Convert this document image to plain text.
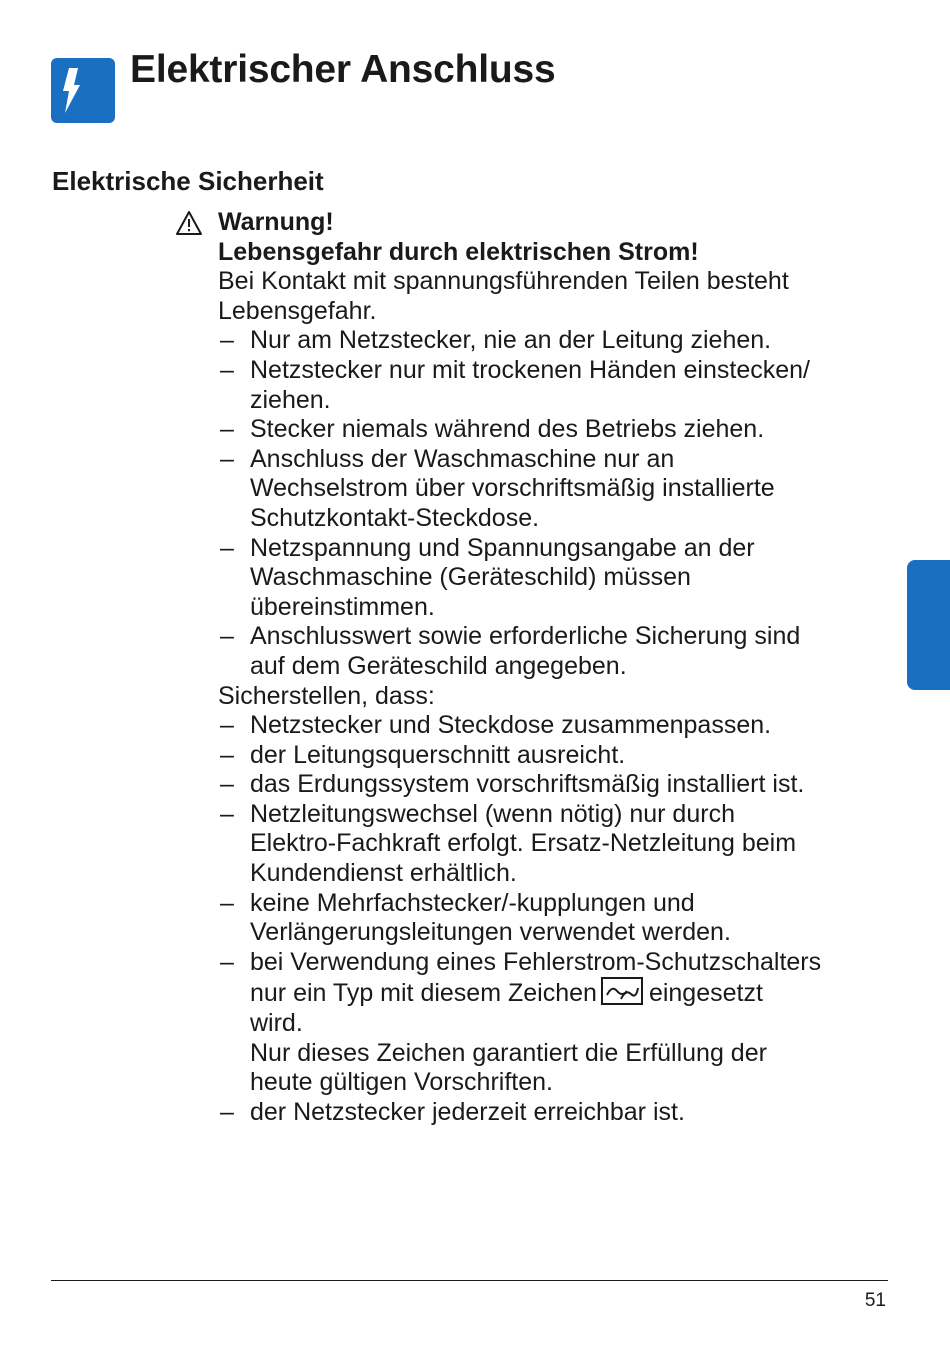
Elektrischer Anschluss
Elektrische Sicherheit
Warnung!
Lebensgefahr durch elektrischen Strom!
Bei Kontakt mit spannungsführenden Teilen besteht
Lebensgefahr.
– Nur am Netzstecker, nie an der Leitung ziehen.
– Netzstecker nur mit trockenen Händen einstecken/
ziehen.
– Stecker niemals während des Betriebs ziehen.
– Anschluss der Waschmaschine nur an
Wechselstrom über vorschriftsmäßig installierte
Schutzkontakt-Steckdose.
– Netzspannung und Spannungsangabe an der
Waschmaschine (Geräteschild) müssen
übereinstimmen.
– Anschlusswert sowie erforderliche Sicherung sind
auf dem Geräteschild angegeben.
Sicherstellen, dass:
– Netzstecker und Steckdose zusammenpassen.
– der Leitungsquerschnitt ausreicht.
– das Erdungssystem vorschriftsmäßig installiert ist.
– Netzleitungswechsel (wenn nötig) nur durch
Elektro-Fachkraft erfolgt. Ersatz-Netzleitung beim
Kundendienst erhältlich.
– keine Mehrfachstecker/-kupplungen und
Verlängerungsleitungen verwendet werden.
– bei Verwendung eines Fehlerstrom-Schutzschalters
nur ein Typ mit diesem Zeichen eingesetzt
wird.
Nur dieses Zeichen garantiert die Erfüllung der
heute gültigen Vorschriften.
– der Netzstecker jederzeit erreichbar ist.
51
